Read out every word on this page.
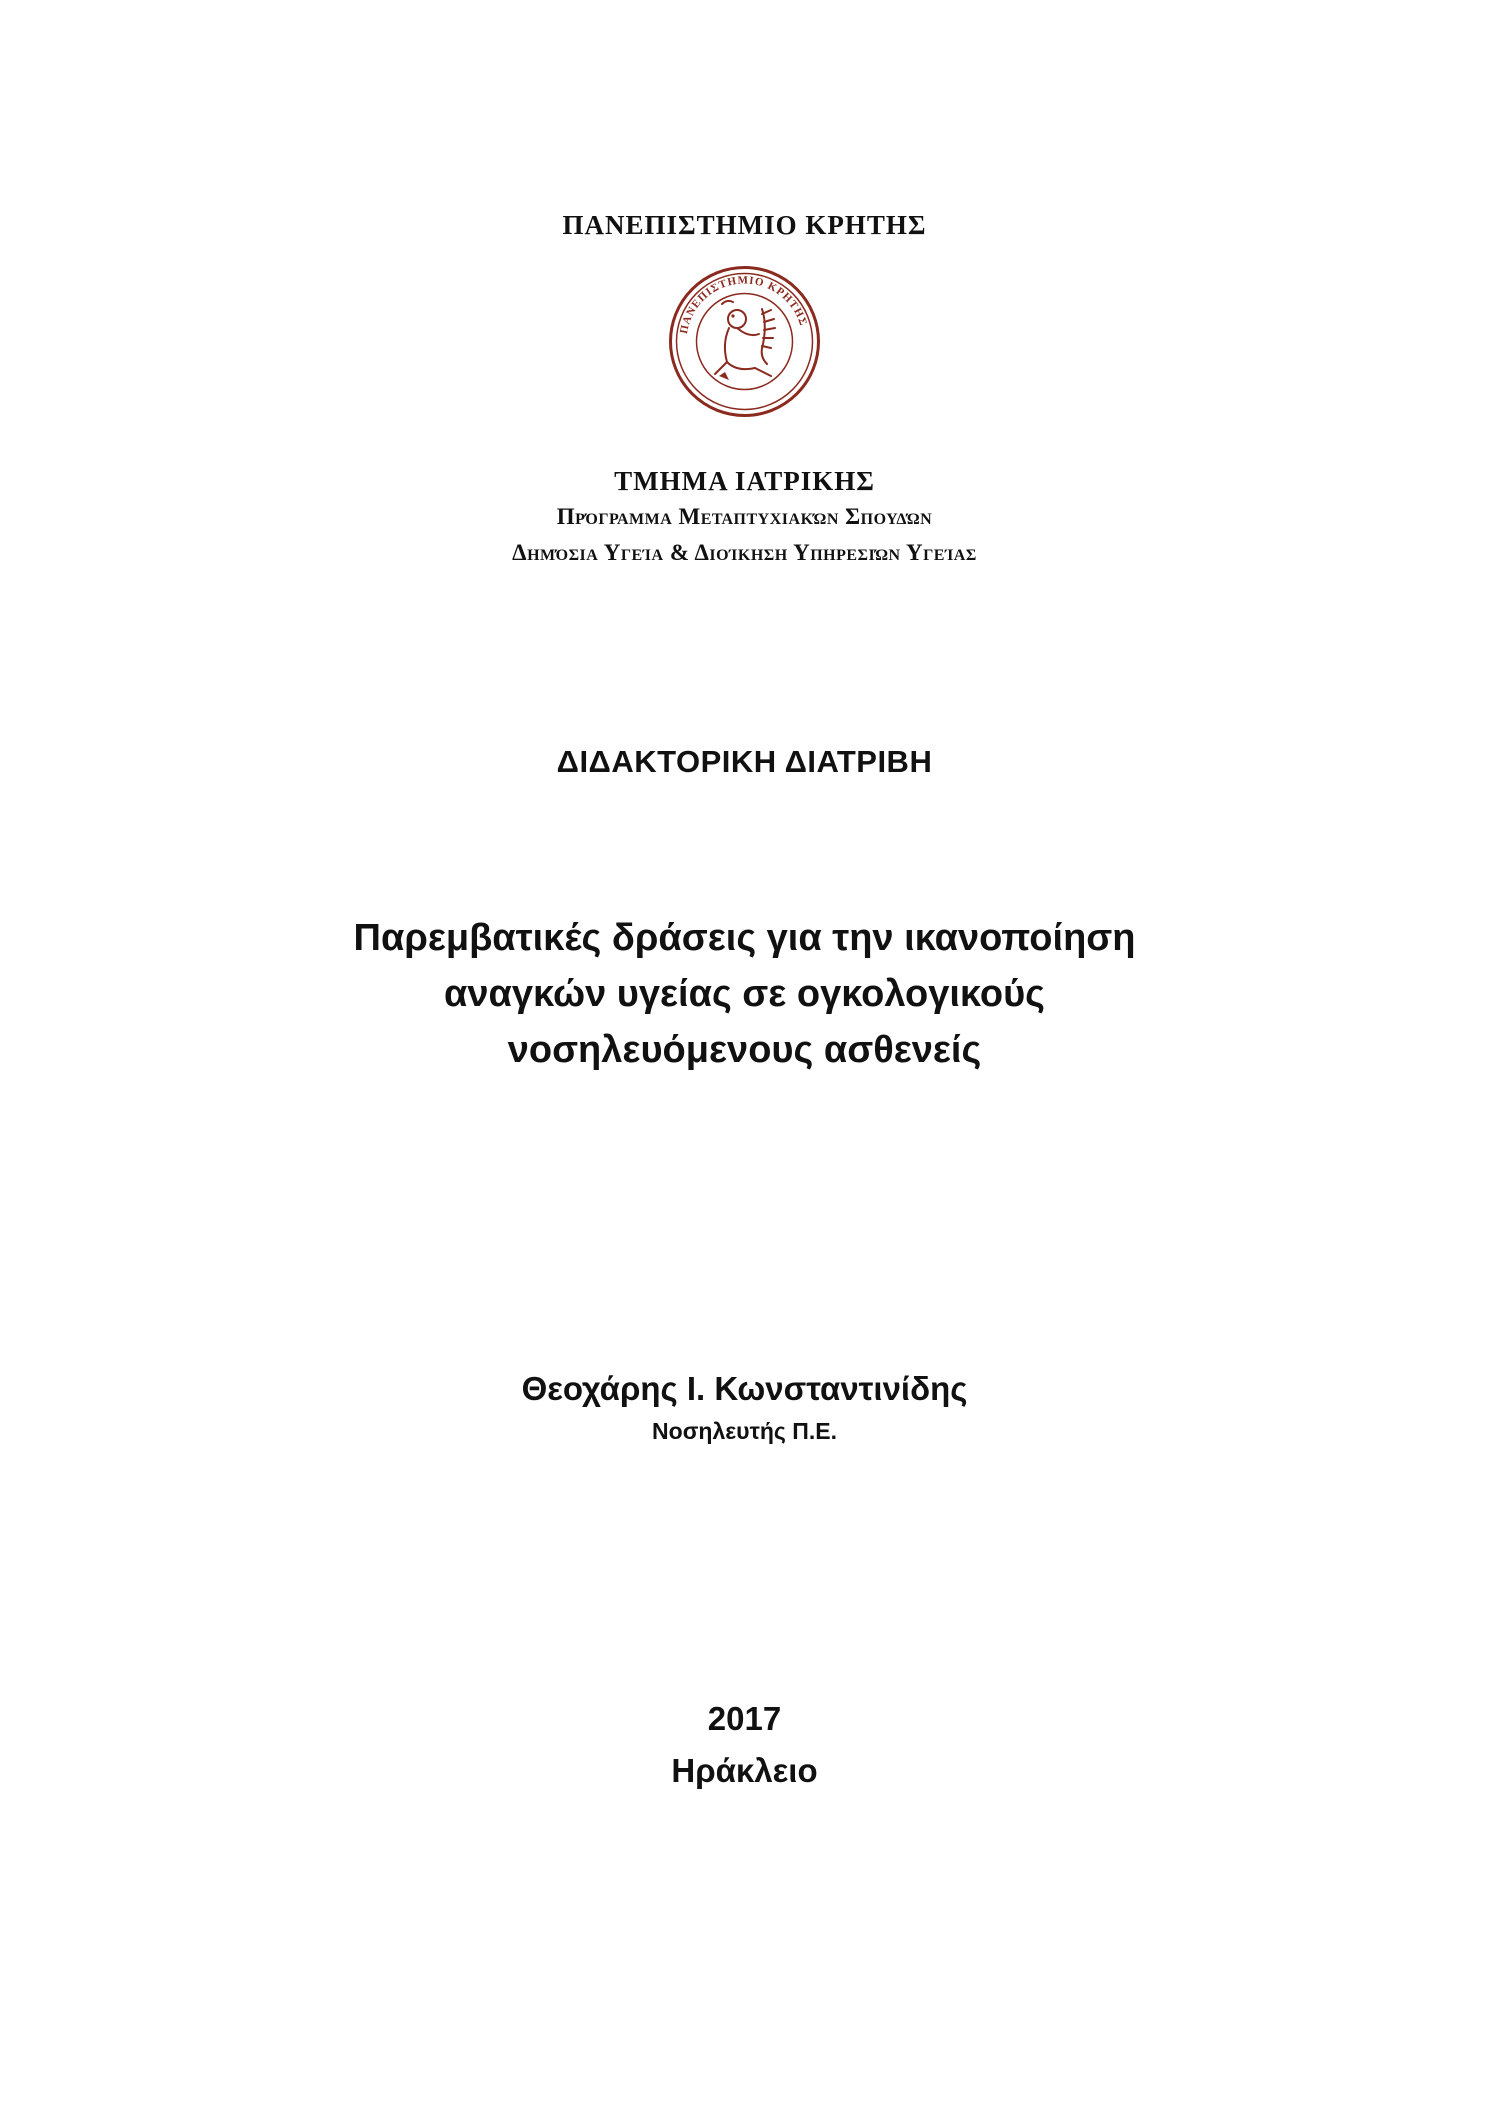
ΠΑΝΕΠΙΣΤΗΜΙΟ ΚΡΗΤΗΣ
ΠΑΝΕΠΙΣΤΗΜΙΟ ΚΡΗΤΗΣ
ΤΜΗΜΑ ΙΑΤΡΙΚΗΣ
Πρόγραμμα Μεταπτυχιακών Σπουδών
Δημόσια Υγεία & Διοίκηση Υπηρεσιών Υγείας
ΔΙΔΑΚΤΟΡΙΚΗ ΔΙΑΤΡΙΒΗ
Παρεμβατικές δράσεις για την ικανοποίηση
αναγκών υγείας σε ογκολογικούς
νοσηλευόμενους ασθενείς
Θεοχάρης Ι. Κωνσταντινίδης
Νοσηλευτής Π.Ε.
2017
Ηράκλειο
